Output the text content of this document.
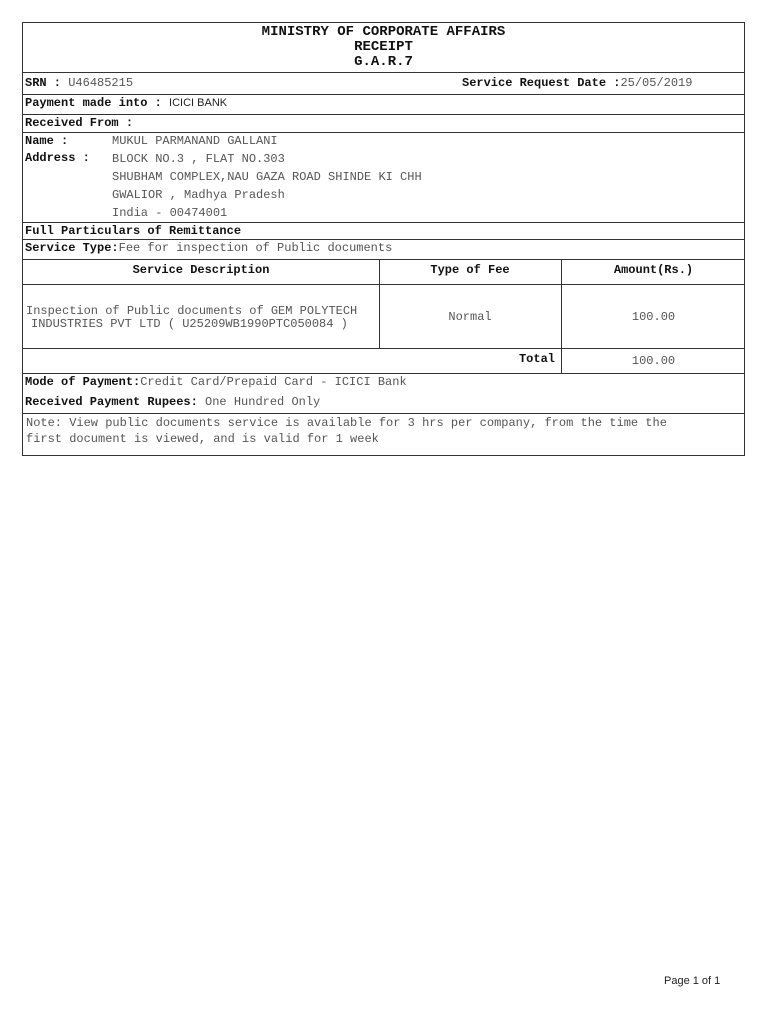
MINISTRY OF CORPORATE AFFAIRS
RECEIPT
G.A.R.7
SRN : U46485215	Service Request Date :25/05/2019
Payment made into : ICICI BANK
Received From :
Name :	MUKUL PARMANAND GALLANI
Address : BLOCK NO.3 , FLAT NO.303
SHUBHAM COMPLEX,NAU GAZA ROAD SHINDE KI CHH
GWALIOR , Madhya Pradesh
India - 00474001
Full Particulars of Remittance
Service Type:Fee for inspection of Public documents
Service Description	Type of Fee	Amount(Rs.)
Inspection of Public documents of GEM POLYTECH
INDUSTRIES PVT LTD ( U25209WB1990PTC050084 )	Normal	100.00
Total	100.00
Mode of Payment:Credit Card/Prepaid Card - ICICI Bank
Received Payment Rupees: One Hundred Only
Note: View public documents service is available for 3 hrs per company, from the time the
first document is viewed, and is valid for 1 week
Page 1 of 1
